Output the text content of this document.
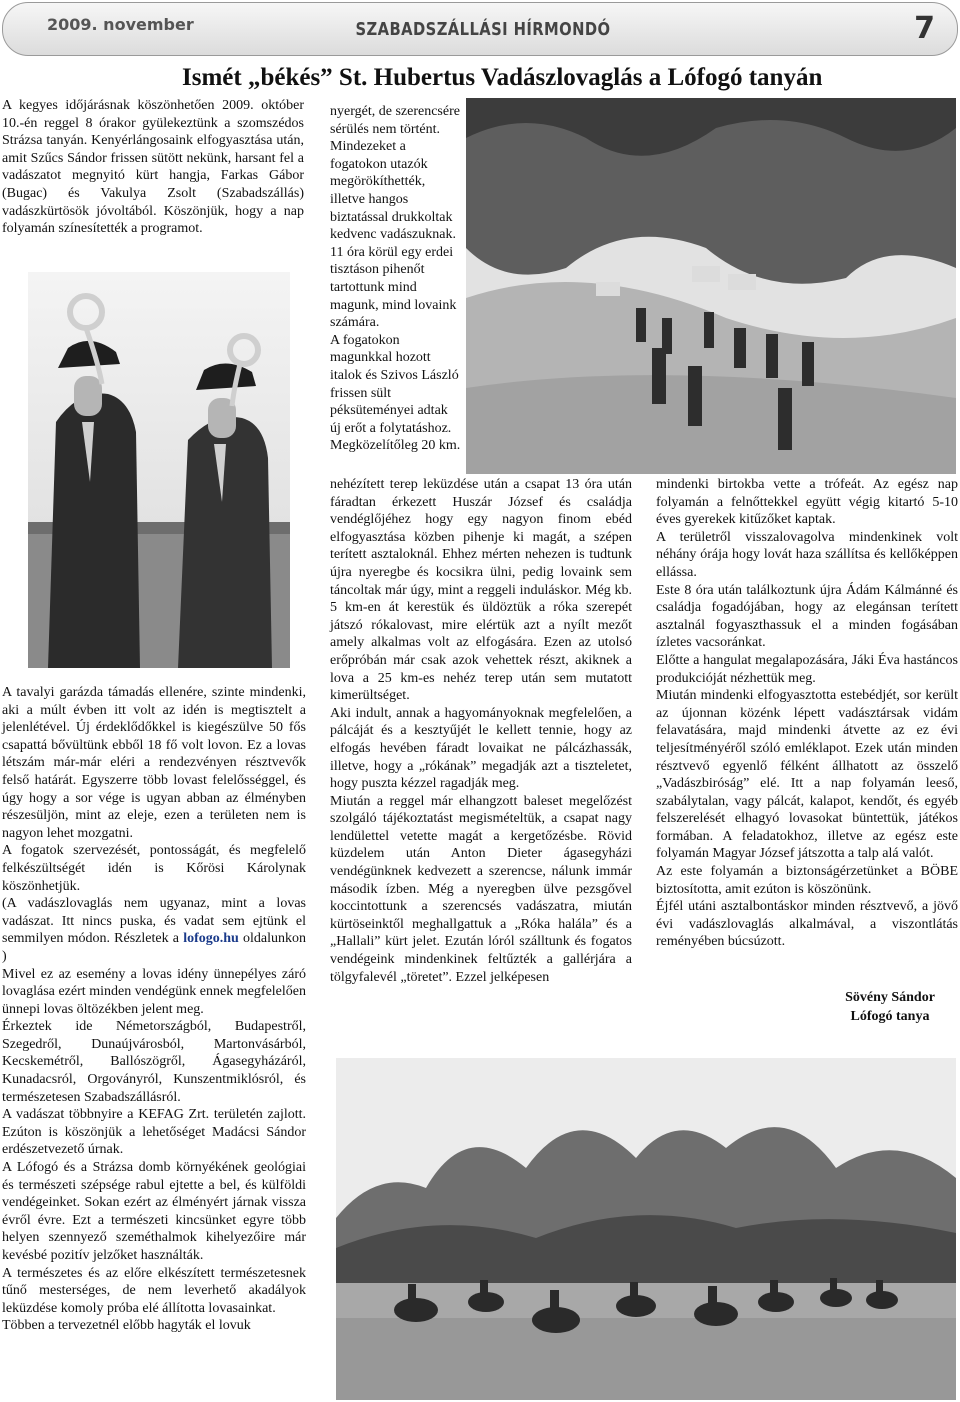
2009. november	SZABADSZÁLLÁSI HÍRMONDÓ	7
Ismét „békés” St. Hubertus Vadászlovaglás a Lófogó tanyán

A kegyes időjárásnak köszönhetően 2009. október 10.-én reggel 8 órakor gyülekeztünk a szomszédos Strázsa tanyán. Kenyérlángosaink elfogyasztása után, amit Szűcs Sándor frissen sütött nekünk, harsant fel a vadászatot megnyitó kürt hangja, Farkas Gábor (Bugac) és Vakulya Zsolt (Szabadszállás) vadászkürtösök jóvoltából. Köszönjük, hogy a nap folyamán színesítették a programot.

A tavalyi garázda támadás ellenére, szinte mindenki, aki a múlt évben itt volt az idén is megtisztelt a jelenlétével. Új érdeklődőkkel is kiegészülve 50 fős csapattá bővültünk ebből 18 fő volt lovon. Ez a lovas létszám már-már eléri a rendezvényen résztvevők felső határát. Egyszerre több lovast felelősséggel, és úgy hogy a sor vége is ugyan abban az élményben részesüljön, mint az eleje, ezen a területen nem is nagyon lehet mozgatni.

A fogatok szervezését, pontosságát, és megfelelő felkészültségét idén is Kőrösi Károlynak köszönhetjük.

(A vadászlovaglás nem ugyanaz, mint a lovas vadászat. Itt nincs puska, és vadat sem ejtünk el semmilyen módon. Részletek a lofogo.hu oldalunkon )

Mivel ez az esemény a lovas idény ünnepélyes záró lovaglása ezért minden vendégünk ennek megfelelően ünnepi lovas öltözékben jelent meg.

Érkeztek ide Németországból, Budapestről, Szegedről, Dunaújvárosból, Martonvásárból, Kecskemétről, Ballószögről, Ágasegyházáról, Kunadacsról, Orgoványról, Kunszentmiklósról, és természetesen Szabadszállásról.

A vadászat többnyire a KEFAG Zrt. területén zajlott. Ezúton is köszönjük a lehetőséget Madácsi Sándor erdészetvezető úrnak.

A Lófogó és a Strázsa domb környékének geológiai és természeti szépsége rabul ejtette a bel, és külföldi vendégeinket. Sokan ezért az élményért járnak vissza évről évre. Ezt a természeti kincsünket egyre több helyen szennyező szeméthalmok kihelyezőire már kevésbé pozitív jelzőket használták.

A természetes és az előre elkészített természetesnek tűnő mesterséges, de nem leverhető akadályok leküzdése komoly próba elé állította lovasainkat.

Többen a tervezetnél előbb hagyták el lovuk

nyergét, de szerencsére sérülés nem történt. Mindezeket a fogatokon utazók megörökíthették, illetve hangos biztatással drukkoltak kedvenc vadászuknak.

11 óra körül egy erdei tisztáson pihenőt tartottunk mind magunk, mind lovaink számára.

A fogatokon magunkkal hozott italok és Szivos László frissen sült péksüteményei adtak új erőt a folytatáshoz. Megközelítőleg 20 km.

nehézített terep leküzdése után a csapat 13 óra után fáradtan érkezett Huszár József és családja vendéglőjéhez hogy egy nagyon finom ebéd elfogyasztása közben pihenje ki magát, a szépen terített asztaloknál. Ehhez mérten nehezen is tudtunk újra nyeregbe és kocsikra ülni, pedig lovaink sem táncoltak már úgy, mint a reggeli induláskor. Még kb. 5 km-en át kerestük és üldöztük a róka szerepét játszó rókalovast, mire elértük azt a nyílt mezőt amely alkalmas volt az elfogására. Ezen az utolsó erőpróbán már csak azok vehettek részt, akiknek a lova a 25 km-es nehéz terep után sem mutatott kimerültséget.

Aki indult, annak a hagyományoknak megfelelően, a pálcáját és a kesztyűjét le kellett tennie, hogy az elfogás hevében fáradt lovaikat ne pálcázhassák, illetve, hogy a „rókának” megadják azt a tiszteletet, hogy puszta kézzel ragadják meg.

Miután a reggel már elhangzott baleset megelőzést szolgáló tájékoztatást megismételtük, a csapat nagy lendülettel vetette magát a kergetőzésbe. Rövid küzdelem után Anton Dieter ágasegyházi vendégünknek kedvezett a szerencse, nálunk immár második ízben. Még a nyeregben ülve pezsgővel koccintottunk a szerencsés vadászatra, miután kürtöseinktől meghallgattuk a „Róka halála” és a „Hallali” kürt jelet. Ezután lóról szálltunk és fogatos vendégeink mindenkinek feltűzték a gallérjára a tölgyfalevél „töretet”. Ezzel jelképesen

mindenki birtokba vette a trófeát. Az egész nap folyamán a felnőttekkel együtt végig kitartó 5-10 éves gyerekek kitűzőket kaptak.

A területről visszalovagolva mindenkinek volt néhány órája hogy lovát haza szállítsa és kellőképpen ellássa.

Este 8 óra után találkoztunk újra Ádám Kálmánné és családja fogadójában, hogy az elegánsan terített asztalnál fogyaszthassuk el a minden fogásában ízletes vacsoránkat.

Előtte a hangulat megalapozására, Jáki Éva hastáncos produkcióját nézhettük meg.

Miután mindenki elfogyasztotta estebédjét, sor került az újonnan közénk lépett vadásztársak vidám felavatására, majd mindenki átvette az ez évi teljesítményéről szóló emléklapot. Ezek után minden résztvevő egyenlő félként állhatott az összelő „Vadászbiróság” elé. Itt a nap folyamán leeső, szabálytalan, vagy pálcát, kalapot, kendőt, és egyéb felszerelését elhagyó lovasokat büntettük, játékos formában. A feladatokhoz, illetve az egész este folyamán Magyar József játszotta a talp alá valót.

Az este folyamán a biztonságérzetünket a BÖBE biztosította, amit ezúton is köszönünk.

Éjfél utáni asztalbontáskor minden résztvevő, a jövő évi vadászlovaglás alkalmával, a viszontlátás reményében búcsúzott.

Sövény Sándor
Lófogó tanya
